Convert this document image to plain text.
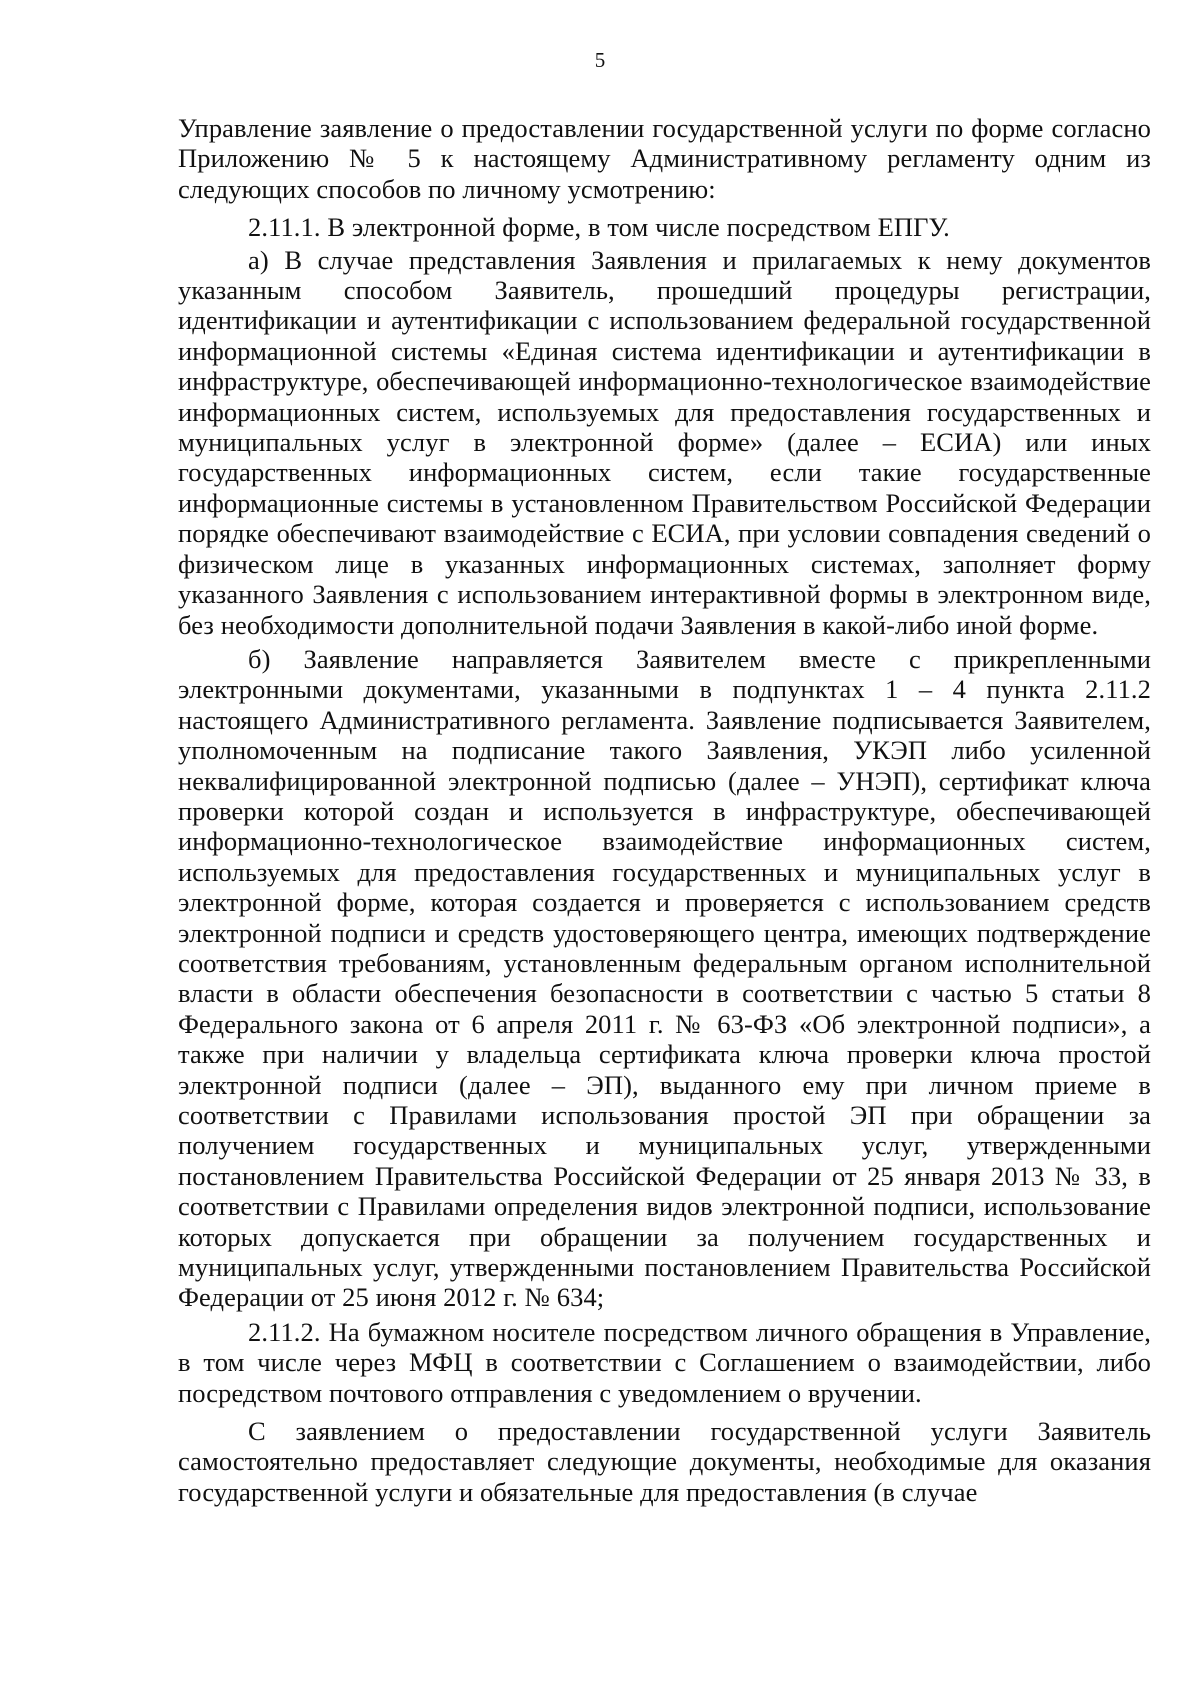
5

Управление заявление о предоставлении государственной услуги по форме согласно Приложению № 5 к настоящему Административному регламенту одним из следующих способов по личному усмотрению:

2.11.1. В электронной форме, в том числе посредством ЕПГУ.

а) В случае представления Заявления и прилагаемых к нему документов указанным способом Заявитель, прошедший процедуры регистрации, идентификации и аутентификации с использованием федеральной государственной информационной системы «Единая система идентификации и аутентификации в инфраструктуре, обеспечивающей информационно-технологическое взаимодействие информационных систем, используемых для предоставления государственных и муниципальных услуг в электронной форме» (далее – ЕСИА) или иных государственных информационных систем, если такие государственные информационные системы в установленном Правительством Российской Федерации порядке обеспечивают взаимодействие с ЕСИА, при условии совпадения сведений о физическом лице в указанных информационных системах, заполняет форму указанного Заявления с использованием интерактивной формы в электронном виде, без необходимости дополнительной подачи Заявления в какой-либо иной форме.

б) Заявление направляется Заявителем вместе с прикрепленными электронными документами, указанными в подпунктах 1 – 4 пункта 2.11.2 настоящего Административного регламента. Заявление подписывается Заявителем, уполномоченным на подписание такого Заявления, УКЭП либо усиленной неквалифицированной электронной подписью (далее – УНЭП), сертификат ключа проверки которой создан и используется в инфраструктуре, обеспечивающей информационно-технологическое взаимодействие информационных систем, используемых для предоставления государственных и муниципальных услуг в электронной форме, которая создается и проверяется с использованием средств электронной подписи и средств удостоверяющего центра, имеющих подтверждение соответствия требованиям, установленным федеральным органом исполнительной власти в области обеспечения безопасности в соответствии с частью 5 статьи 8 Федерального закона от 6 апреля 2011 г. № 63-ФЗ «Об электронной подписи», а также при наличии у владельца сертификата ключа проверки ключа простой электронной подписи (далее – ЭП), выданного ему при личном приеме в соответствии с Правилами использования простой ЭП при обращении за получением государственных и муниципальных услуг, утвержденными постановлением Правительства Российской Федерации от 25 января 2013 № 33, в соответствии с Правилами определения видов электронной подписи, использование которых допускается при обращении за получением государственных и муниципальных услуг, утвержденными постановлением Правительства Российской Федерации от 25 июня 2012 г. № 634;

2.11.2. На бумажном носителе посредством личного обращения в Управление, в том числе через МФЦ в соответствии с Соглашением о взаимодействии, либо посредством почтового отправления с уведомлением о вручении.

С заявлением о предоставлении государственной услуги Заявитель самостоятельно предоставляет следующие документы, необходимые для оказания государственной услуги и обязательные для предоставления (в случае
